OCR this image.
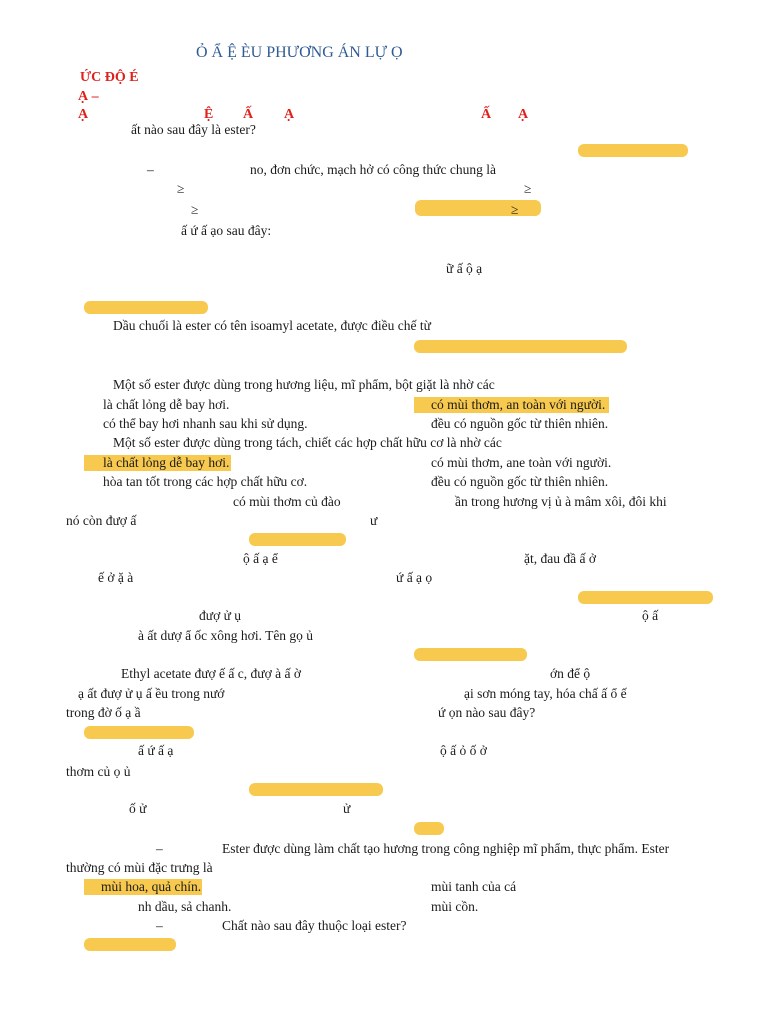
Ỏ Ẩ Ệ ÈU PHƯƠNG ÁN LỰ Ọ
ỨC ĐỘ É
Ạ –
Ạ	Ệ Ấ Ạ	Ấ Ạ
ất nào sau đây là ester?
–	no, đơn chức, mạch hở có công thức chung là
≥	≥
≥	≥
ấ ứ ấ ạo sau đây:
ữ ấ ộ ạ
Dầu chuối là ester có tên isoamyl acetate, được điều chế từ
Một số ester được dùng trong hương liệu, mĩ phẩm, bột giặt là nhờ các
là chất lỏng dễ bay hơi.	có mùi thơm, an toàn với người.
có thể bay hơi nhanh sau khi sử dụng.	đều có nguồn gốc từ thiên nhiên.
Một số ester được dùng trong tách, chiết các hợp chất hữu cơ là nhờ các
là chất lỏng dễ bay hơi.	có mùi thơm, ane toàn với người.
hòa tan tốt trong các hợp chất hữu cơ.	đều có nguồn gốc từ thiên nhiên.
có mùi thơm củ đào	ần trong hương vị ủ à mâm xôi, đôi khi
nó còn đượ ấ	ư
ộ ấ ạ ể	ặt, đau đầ ấ ở
ế ở ặ à	ứ ấ ạ ọ
đượ ử ụ	ộ ấ
à ất dượ ẩ ốc xông hơi. Tên gọ ủ
Ethyl acetate đượ ế ấ c, đượ à ấ ờ	ớn để ộ
ạ ất đượ ử ụ ấ ều trong nướ	ại sơn móng tay, hóa chấ ấ ổ ế
trong đờ ố ạ ầ	ứ ọn nào sau đây?
ấ ứ ấ ạ	ộ ấ ỏ ố ở
thơm củ ọ ủ
ố ử	ử
–	Ester được dùng làm chất tạo hương trong công nghiệp mĩ phẩm, thực phẩm. Ester
thường có mùi đặc trưng là
mùi hoa, quả chín.	mùi tanh của cá
nh dầu, sả chanh.	mùi cồn.
–	Chất nào sau đây thuộc loại ester?
